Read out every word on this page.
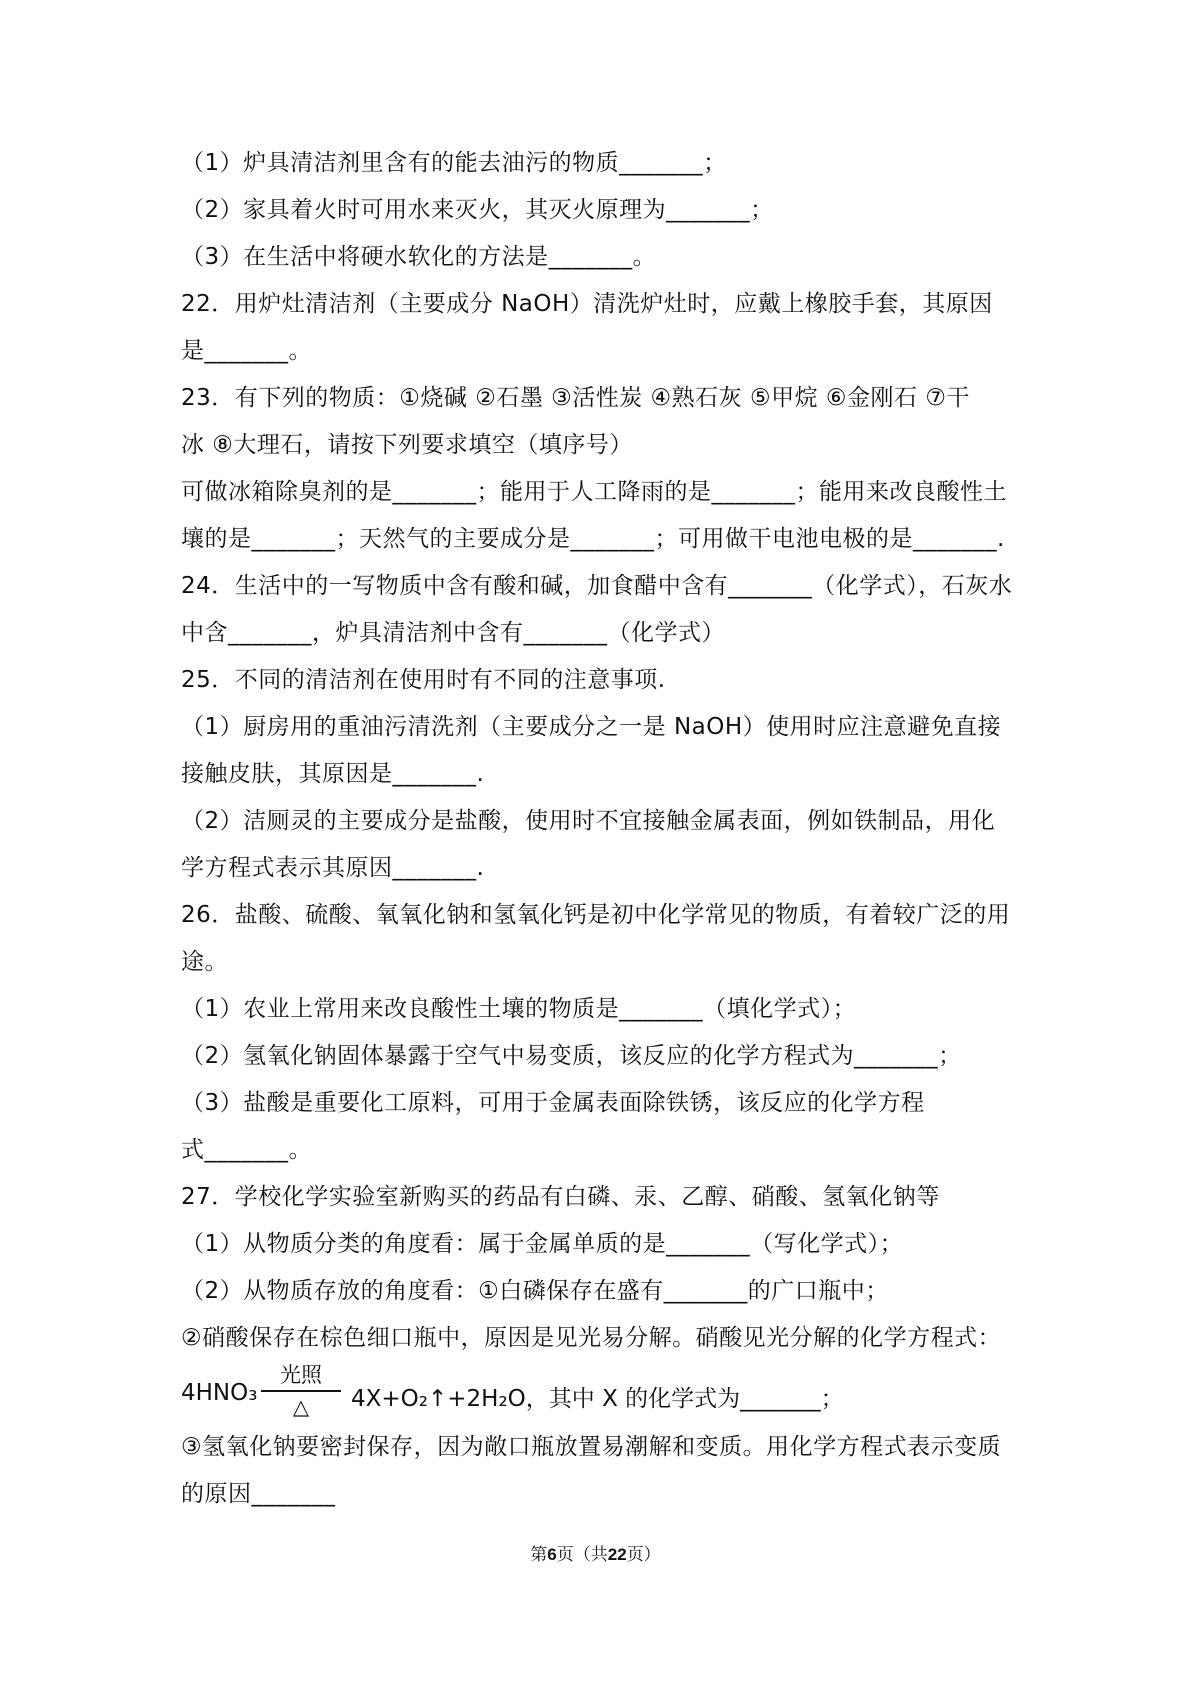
（1）炉具清洁剂里含有的能去油污的物质_______；
（2）家具着火时可用水来灭火，其灭火原理为_______；
（3）在生活中将硬水软化的方法是_______。
22．用炉灶清洁剂（主要成分 NaOH）清洗炉灶时，应戴上橡胶手套，其原因
是_______。
23．有下列的物质：①烧碱 ②石墨 ③活性炭 ④熟石灰 ⑤甲烷 ⑥金刚石 ⑦干
冰 ⑧大理石，请按下列要求填空（填序号）
可做冰箱除臭剂的是_______；能用于人工降雨的是_______；能用来改良酸性土
壤的是_______；天然气的主要成分是_______；可用做干电池电极的是_______.
24．生活中的一写物质中含有酸和碱，加食醋中含有_______（化学式），石灰水
中含_______，炉具清洁剂中含有_______（化学式）
25．不同的清洁剂在使用时有不同的注意事项.
（1）厨房用的重油污清洗剂（主要成分之一是 NaOH）使用时应注意避免直接
接触皮肤，其原因是_______.
（2）洁厕灵的主要成分是盐酸，使用时不宜接触金属表面，例如铁制品，用化
学方程式表示其原因_______.
26．盐酸、硫酸、氧氧化钠和氢氧化钙是初中化学常见的物质，有着较广泛的用
途。
（1）农业上常用来改良酸性土壤的物质是_______（填化学式）；
（2）氢氧化钠固体暴露于空气中易变质，该反应的化学方程式为_______；
（3）盐酸是重要化工原料，可用于金属表面除铁锈，该反应的化学方程
式_______。
27．学校化学实验室新购买的药品有白磷、汞、乙醇、硝酸、氢氧化钠等
（1）从物质分类的角度看：属于金属单质的是_______（写化学式）；
（2）从物质存放的角度看：①白磷保存在盛有_______的广口瓶中；
②硝酸保存在棕色细口瓶中，原因是见光易分解。硝酸见光分解的化学方程式：
4HNO₃
光照
△	4X+O₂↑+2H₂O，其中 X 的化学式为_______；
③氢氧化钠要密封保存，因为敞口瓶放置易潮解和变质。用化学方程式表示变质
的原因_______
第6页（共22页）
